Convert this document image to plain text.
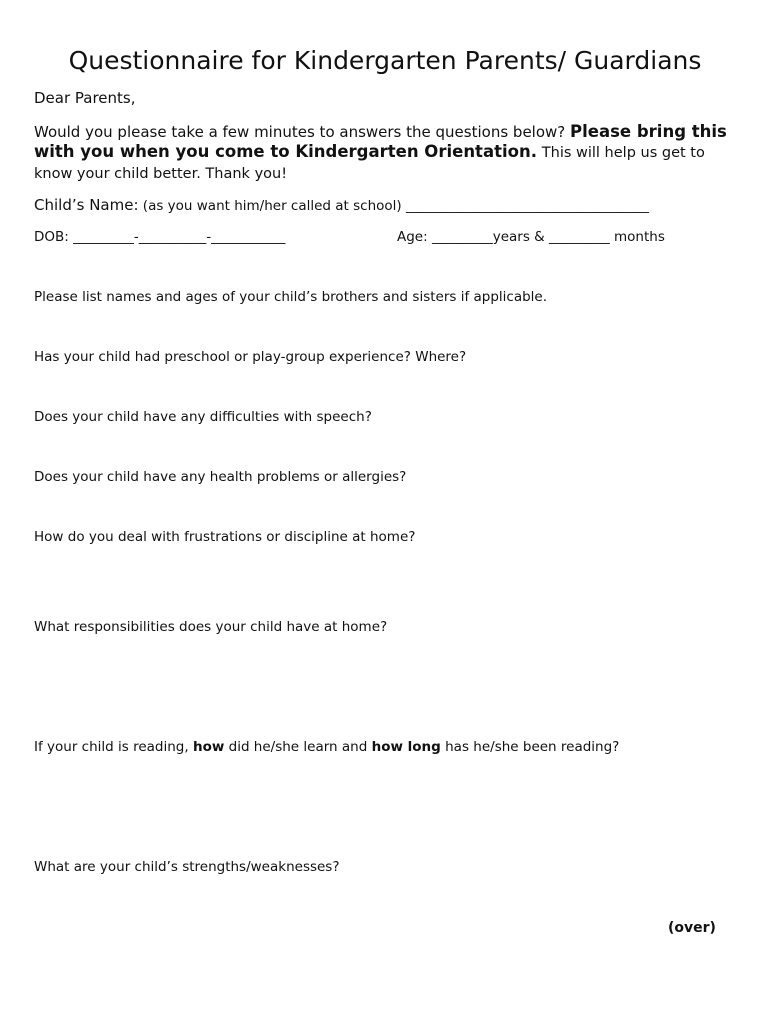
Questionnaire for Kindergarten Parents/ Guardians

Dear Parents,

Would you please take a few minutes to answers the questions below? Please bring this with you when you come to Kindergarten Orientation. This will help us get to know your child better. Thank you!

Child’s Name: (as you want him/her called at school) ____________________________________

DOB: _________-__________-___________	Age: _________years & _________ months

Please list names and ages of your child’s brothers and sisters if applicable.

Has your child had preschool or play-group experience? Where?

Does your child have any difficulties with speech?

Does your child have any health problems or allergies?

How do you deal with frustrations or discipline at home?

What responsibilities does your child have at home?

If your child is reading, how did he/she learn and how long has he/she been reading?

What are your child’s strengths/weaknesses?

(over)
